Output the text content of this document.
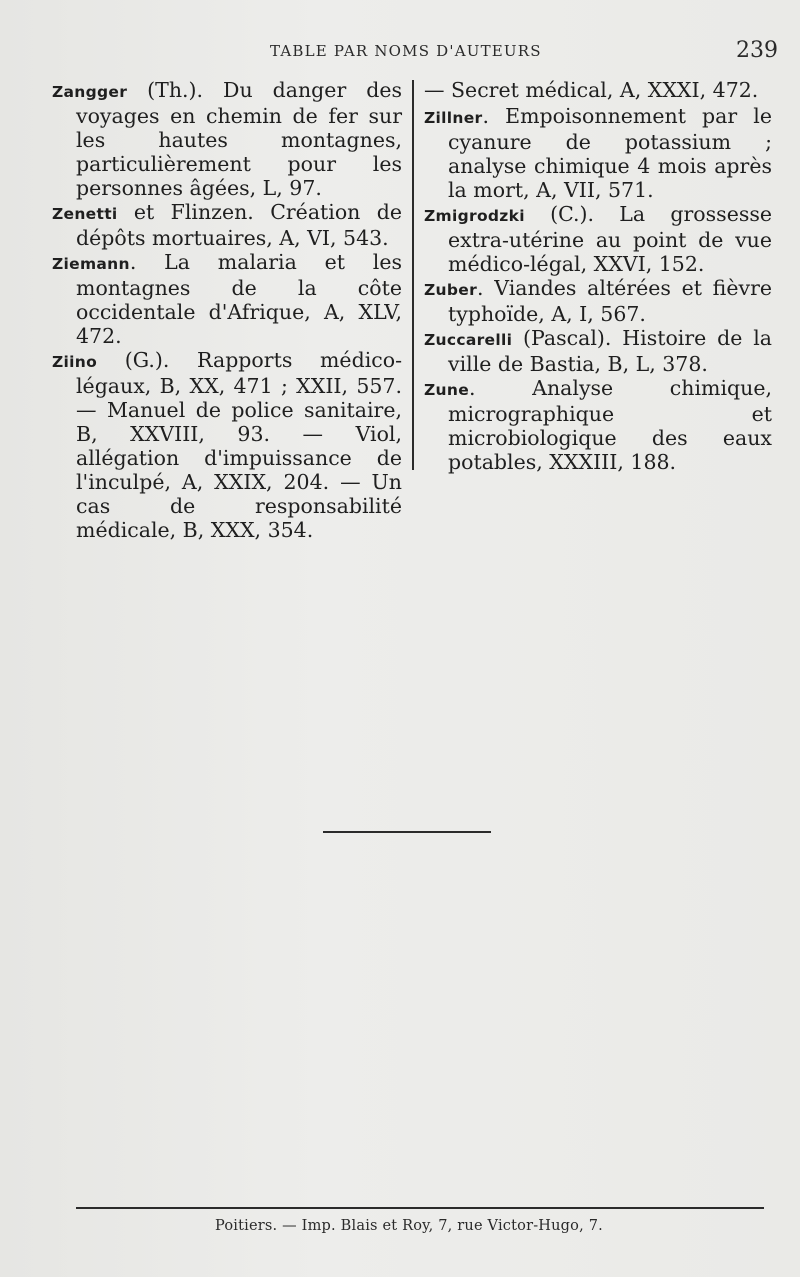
TABLE PAR NOMS D'AUTEURS	239

Zangger (Th.). Du danger des voyages en chemin de fer sur les hautes montagnes, particulièrement pour les personnes âgées, L, 97.

Zenetti et Flinzen. Création de dépôts mortuaires, A, VI, 543.

Ziemann. La malaria et les montagnes de la côte occidentale d'Afrique, A, XLV, 472.

Ziino (G.). Rapports médico-légaux, B, XX, 471 ; XXII, 557. — Manuel de police sanitaire, B, XXVIII, 93. — Viol, allégation d'impuissance de l'inculpé, A, XXIX, 204. — Un cas de responsabilité médicale, B, XXX, 354.

— Secret médical, A, XXXI, 472.

Zillner. Empoisonnement par le cyanure de potassium ; analyse chimique 4 mois après la mort, A, VII, 571.

Zmigrodzki (C.). La grossesse extra-utérine au point de vue médico-légal, XXVI, 152.

Zuber. Viandes altérées et fièvre typhoïde, A, I, 567.

Zuccarelli (Pascal). Histoire de la ville de Bastia, B, L, 378.

Zune. Analyse chimique, micrographique et microbiologique des eaux potables, XXXIII, 188.

Poitiers. — Imp. Blais et Roy, 7, rue Victor-Hugo, 7.
